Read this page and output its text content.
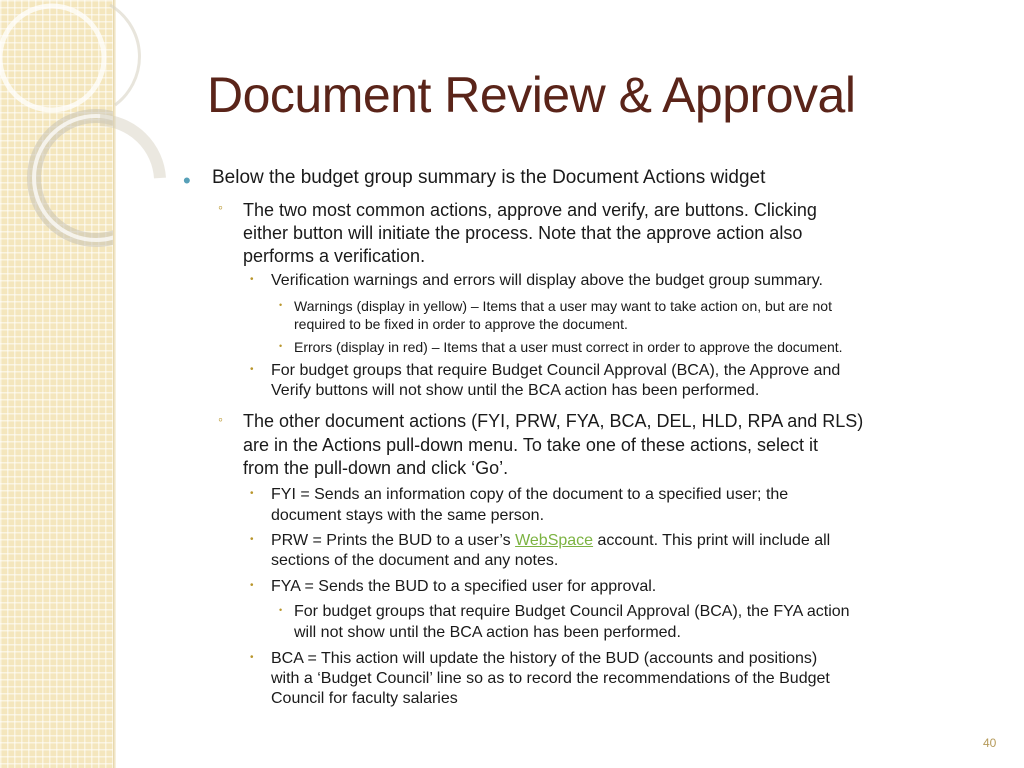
Document Review & Approval
• Below the budget group summary is the Document Actions widget
◦ The two most common actions, approve and verify, are buttons. Clicking
either button will initiate the process. Note that the approve action also
performs a verification.
• Verification warnings and errors will display above the budget group summary.
• Warnings (display in yellow) – Items that a user may want to take action on, but are not
required to be fixed in order to approve the document.
• Errors (display in red) – Items that a user must correct in order to approve the document.
• For budget groups that require Budget Council Approval (BCA), the Approve and
Verify buttons will not show until the BCA action has been performed.
◦ The other document actions (FYI, PRW, FYA, BCA, DEL, HLD, RPA and RLS)
are in the Actions pull-down menu. To take one of these actions, select it
from the pull-down and click ‘Go’.
• FYI = Sends an information copy of the document to a specified user; the
document stays with the same person.
• PRW = Prints the BUD to a user’s WebSpace account. This print will include all
sections of the document and any notes.
• FYA = Sends the BUD to a specified user for approval.
• For budget groups that require Budget Council Approval (BCA), the FYA action
will not show until the BCA action has been performed.
• BCA = This action will update the history of the BUD (accounts and positions)
with a ‘Budget Council’ line so as to record the recommendations of the Budget
Council for faculty salaries
40
